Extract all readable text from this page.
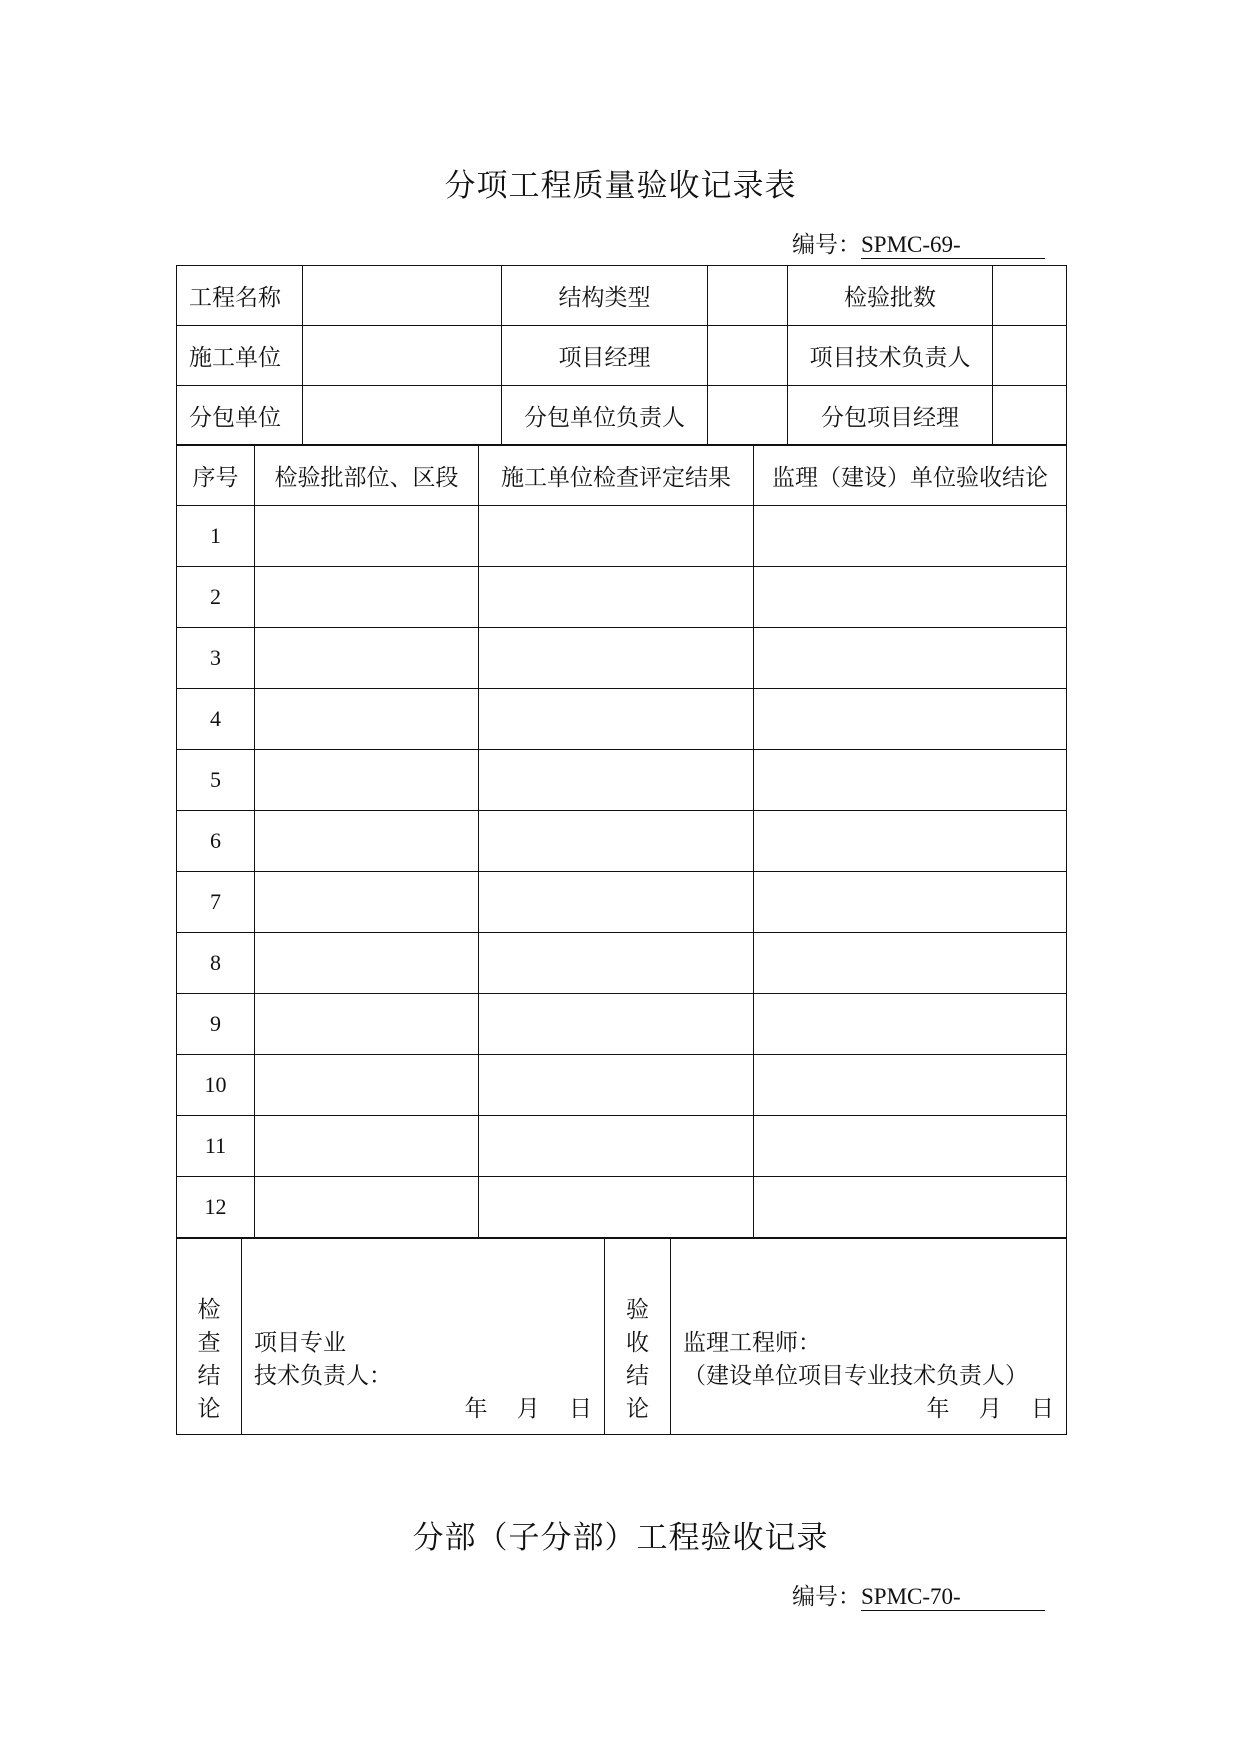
分项工程质量验收记录表
编号：SPMC-69-
工程名称		结构类型		检验批数	
施工单位		项目经理		项目技术负责人	
分包单位		分包单位负责人		分包项目经理	
序号	检验批部位、区段	施工单位检查评定结果	监理（建设）单位验收结论
1			
2			
3			
4			
5			
6			
7			
8			
9			
10			
11			
12			
检
查
结
论

项目专业
技术负责人：
年    月    日

验
收
结
论

监理工程师：
（建设单位项目专业技术负责人）
年    月    日
分部（子分部）工程验收记录
编号：SPMC-70-
